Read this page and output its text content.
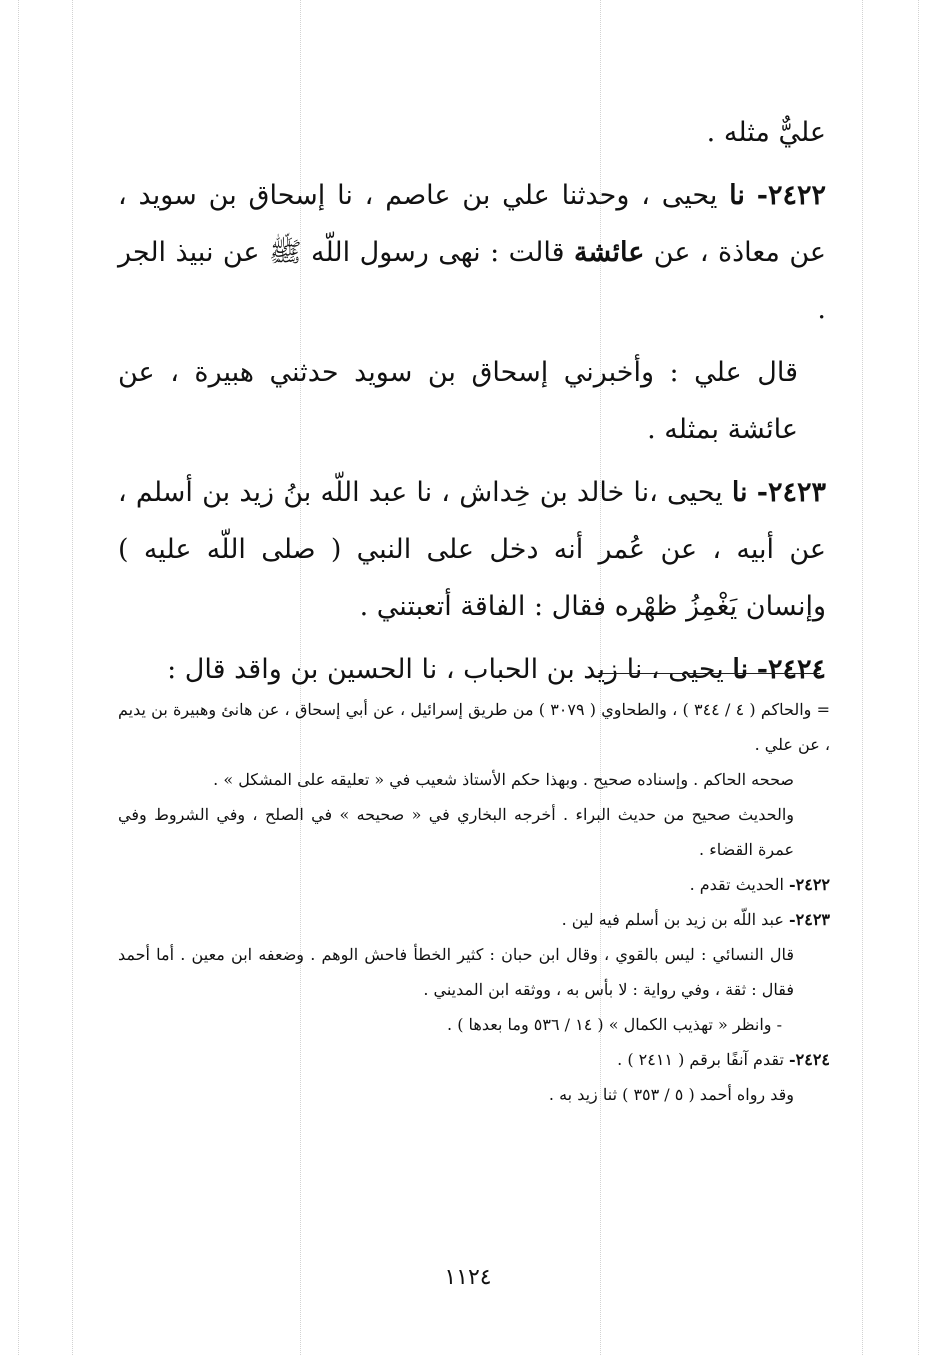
عليٌّ مثله .

٢٤٢٢- نا يحيى ، وحدثنا علي بن عاصم ، نا إسحاق بن سويد ، عن معاذة ، عن عائشة قالت : نهى رسول اللّه ﷺ عن نبيذ الجر .

قال علي : وأخبرني إسحاق بن سويد حدثني هبيرة ، عن عائشة بمثله .

٢٤٢٣- نا يحيى ،نا خالد بن خِداش ، نا عبد اللّه بنُ زيد بن أسلم ، عن أبيه ، عن عُمر أنه دخل على النبي ( صلى اللّه عليه ) وإنسان يَغْمِزُ ظهْره فقال : الفاقة أتعبتني .

٢٤٢٤- نا يحيى ، نا زيد بن الحباب ، نا الحسين بن واقد قال :

= والحاكم ( ٤ / ٣٤٤ ) ، والطحاوي ( ٣٠٧٩ ) من طريق إسرائيل ، عن أبي إسحاق ، عن هانئ وهبيرة بن يديم ، عن علي .

صححه الحاكم . وإسناده صحيح . وبهذا حكم الأستاذ شعيب في « تعليقه على المشكل » .

والحديث صحيح من حديث البراء . أخرجه البخاري في « صحيحه » في الصلح ، وفي الشروط وفي عمرة القضاء .

٢٤٢٢- الحديث تقدم .

٢٤٢٣- عبد اللّه بن زيد بن أسلم فيه لين .

قال النسائي : ليس بالقوي ، وقال ابن حبان : كثير الخطأ فاحش الوهم . وضعفه ابن معين . أما أحمد فقال : ثقة ، وفي رواية : لا بأس به ، ووثقه ابن المديني .

- وانظر « تهذيب الكمال » ( ١٤ / ٥٣٦ وما بعدها ) .

٢٤٢٤- تقدم آنفًا برقم ( ٢٤١١ ) .

وقد رواه أحمد ( ٥ / ٣٥٣ ) ثنا زيد به .

١١٢٤
